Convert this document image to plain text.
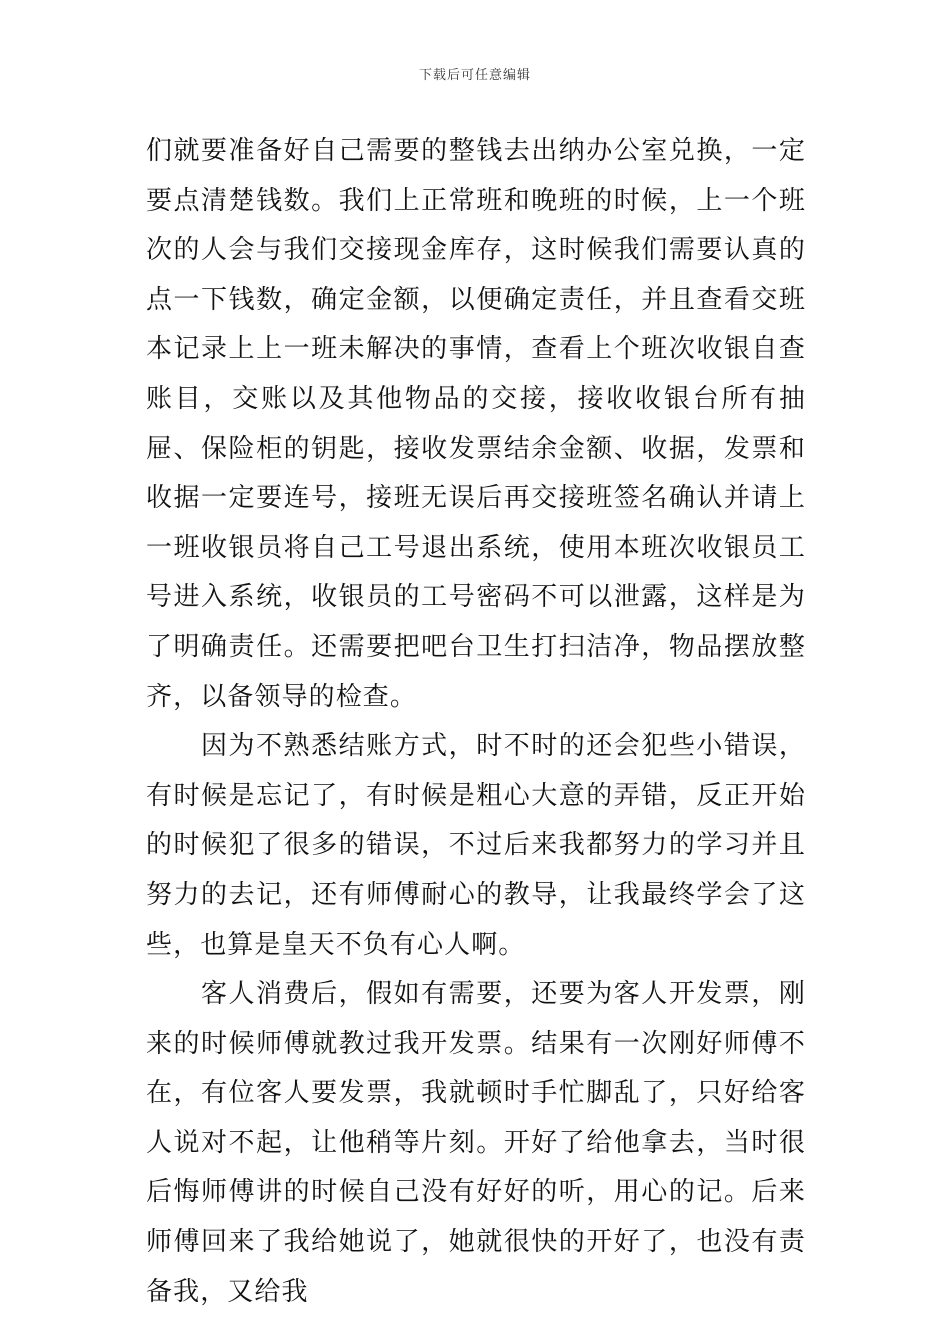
下载后可任意编辑

们就要准备好自己需要的整钱去出纳办公室兑换，一定要点清楚钱数。我们上正常班和晚班的时候，上一个班次的人会与我们交接现金库存，这时候我们需要认真的点一下钱数，确定金额，以便确定责任，并且查看交班本记录上上一班未解决的事情，查看上个班次收银自查账目，交账以及其他物品的交接，接收收银台所有抽屉、保险柜的钥匙，接收发票结余金额、收据，发票和收据一定要连号，接班无误后再交接班签名确认并请上一班收银员将自己工号退出系统，使用本班次收银员工号进入系统，收银员的工号密码不可以泄露，这样是为了明确责任。还需要把吧台卫生打扫洁净，物品摆放整齐，以备领导的检查。

因为不熟悉结账方式，时不时的还会犯些小错误，有时候是忘记了，有时候是粗心大意的弄错，反正开始的时候犯了很多的错误，不过后来我都努力的学习并且努力的去记，还有师傅耐心的教导，让我最终学会了这些，也算是皇天不负有心人啊。

客人消费后，假如有需要，还要为客人开发票，刚来的时候师傅就教过我开发票。结果有一次刚好师傅不在，有位客人要发票，我就顿时手忙脚乱了，只好给客人说对不起，让他稍等片刻。开好了给他拿去，当时很后悔师傅讲的时候自己没有好好的听，用心的记。后来师傅回来了我给她说了，她就很快的开好了，也没有责备我，又给我
